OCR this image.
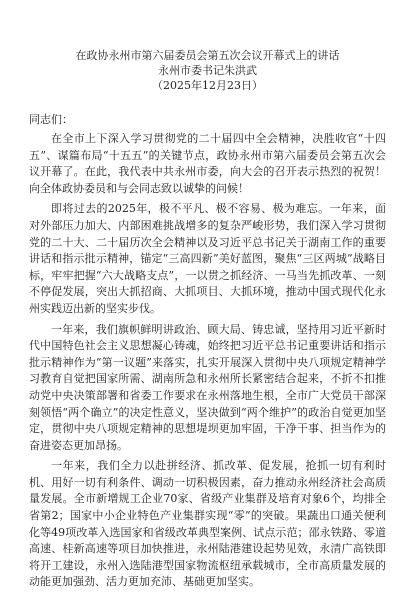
在政协永州市第六届委员会第五次会议开幕式上的讲话
永州市委书记朱洪武
（2025年12月23日）
同志们：

在全市上下深入学习贯彻党的二十届四中全会精神，决胜收官“十四五”、谋篇布局“十五五”的关键节点，政协永州市第六届委员会第五次会议开幕了。在此，我代表中共永州市委，向大会的召开表示热烈的祝贺！向全体政协委员和与会同志致以诚挚的问候！

即将过去的2025年，极不平凡、极不容易、极为难忘。一年来，面对外部压力加大、内部困难挑战增多的复杂严峻形势，我们深入学习贯彻党的二十大、二十届历次全会精神以及习近平总书记关于湖南工作的重要讲话和指示批示精神，锚定“三高四新”美好蓝图，聚焦“三区两城”战略目标，牢牢把握“六大战略支点”，一以贯之抓经济、一马当先抓改革、一刻不停促发展，突出大抓招商、大抓项目、大抓环境，推动中国式现代化永州实践迈出新的坚实步伐。

一年来，我们旗帜鲜明讲政治、顾大局、铸忠诚，坚持用习近平新时代中国特色社会主义思想凝心铸魂，始终把习近平总书记重要讲话和指示批示精神作为“第一议题”来落实，扎实开展深入贯彻中央八项规定精神学习教育自觉把国家所需、湖南所急和永州所长紧密结合起来，不折不扣推动党中央决策部署和省委工作要求在永州落地生根，全市广大党员干部深刻领悟“两个确立”的决定性意义，坚决做到“两个维护”的政治自觉更加坚定，贯彻中央八项规定精神的思想堤坝更加牢固，干净干事、担当作为的奋进姿态更加昂扬。

一年来，我们全力以赴拼经济、抓改革、促发展，抢抓一切有利时机、用好一切有利条件、调动一切积极因素，奋力推动永州经济社会高质量发展。全市新增规工企业70家、省级产业集群及培育对象6个，均排全省第2；国家中小企业特色产业集群实现“零”的突破。果蔬出口通关便利化等49项改革入选国家和省级改革典型案例、试点示范；邵永铁路、零道高速、桂新高速等项目加快推进，永州陆港建设起势见效，永清广高铁即将开工建设，永州入选陆港型国家物流枢纽承载城市，全市高质量发展的动能更加强劲、活力更加充沛、基础更加坚实。
